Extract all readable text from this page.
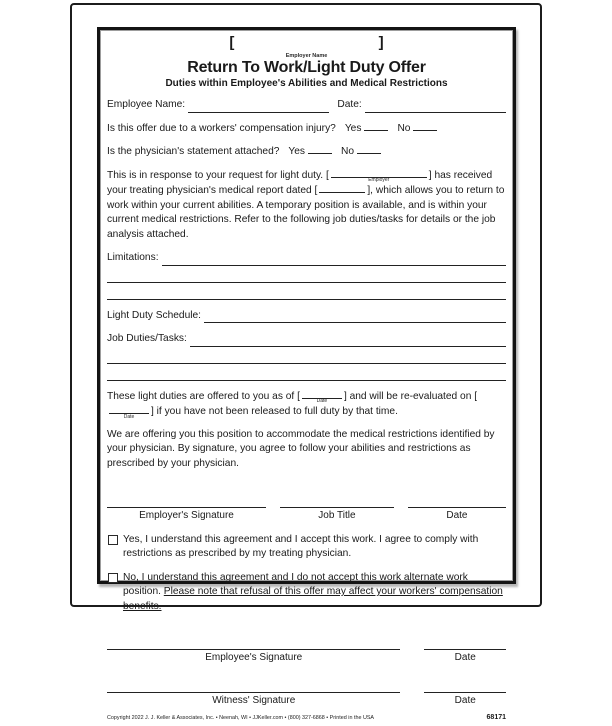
[	]
Employer Name
Return To Work/Light Duty Offer
Duties within Employee's Abilities and Medical Restrictions
Employee Name:	Date:
Is this offer due to a workers' compensation injury? Yes	No
Is the physician's statement attached? Yes	No
This is in response to your request for light duty. [	Employer	] has received your treating physician's medical report dated [	], which allows you to return to work within your current abilities. A temporary position is available, and is within your current medical restrictions. Refer to the following job duties/tasks for details or the job analysis attached.
Limitations:
Light Duty Schedule:
Job Duties/Tasks:
These light duties are offered to you as of [	Date	] and will be re-evaluated on [
Date	] if you have not been released to full duty by that time.
We are offering you this position to accommodate the medical restrictions identified by your physician. By signature, you agree to follow your abilities and restrictions as prescribed by your physician.
Employer's Signature	Job Title	Date
Yes, I understand this agreement and I accept this work. I agree to comply with restrictions as prescribed by my treating physician.
No, I understand this agreement and I do not accept this work alternate work position. Please note that refusal of this offer may affect your workers' compensation benefits.
Employee's Signature	Date
Witness' Signature	Date
Copyright 2022 J. J. Keller & Associates, Inc. • Neenah, WI • JJKeller.com • (800) 327-6868 • Printed in the USA	68171
